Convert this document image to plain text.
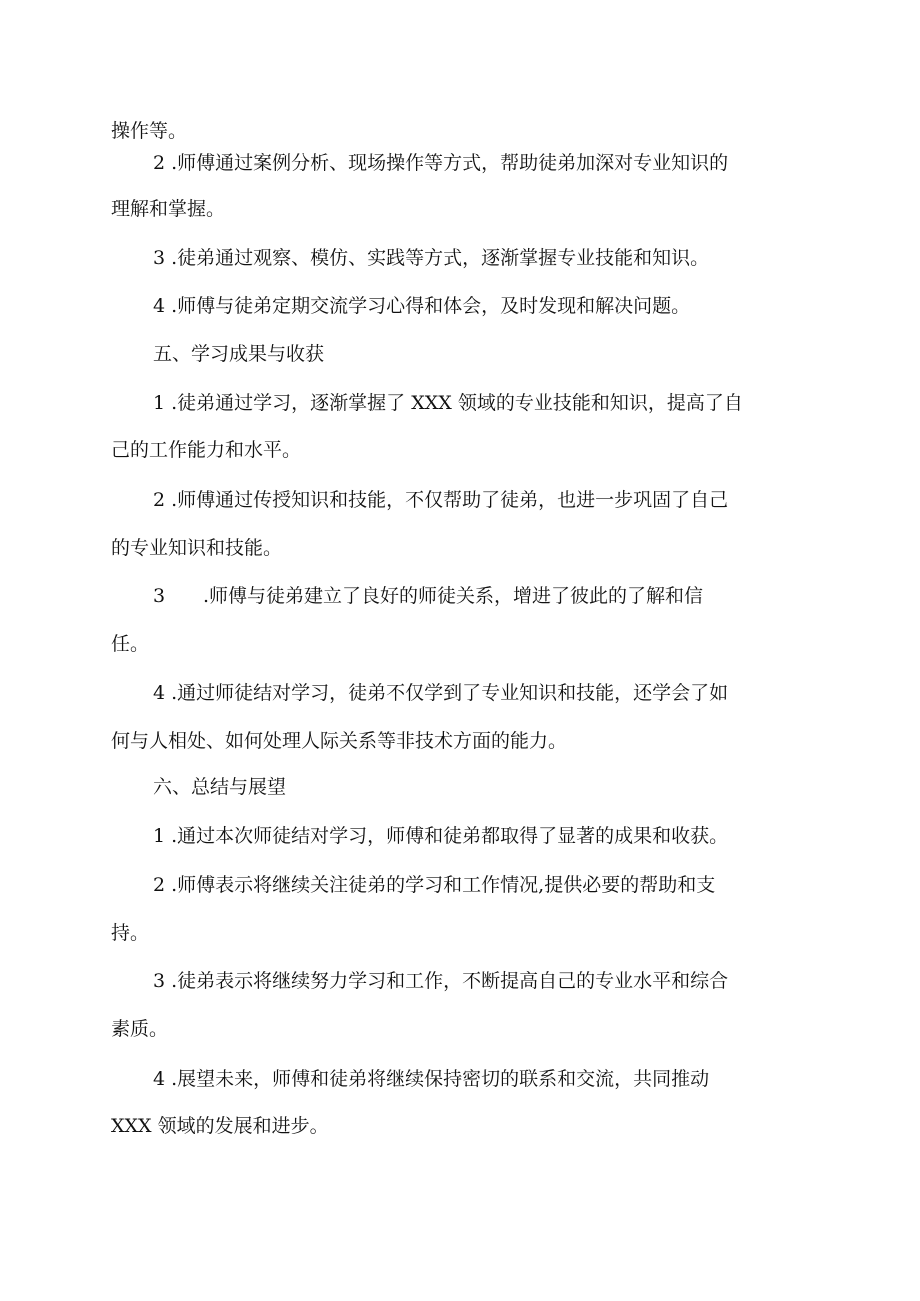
操作等。
2 .师傅通过案例分析、现场操作等方式，帮助徒弟加深对专业知识的
理解和掌握。
3 .徒弟通过观察、模仿、实践等方式，逐渐掌握专业技能和知识。
4 .师傅与徒弟定期交流学习心得和体会，及时发现和解决问题。
五、学习成果与收获
1 .徒弟通过学习，逐渐掌握了 XXX 领域的专业技能和知识，提高了自
己的工作能力和水平。
2 .师傅通过传授知识和技能，不仅帮助了徒弟，也进一步巩固了自己
的专业知识和技能。
3 .师傅与徒弟建立了良好的师徒关系，增进了彼此的了解和信
任。
4 .通过师徒结对学习，徒弟不仅学到了专业知识和技能，还学会了如
何与人相处、如何处理人际关系等非技术方面的能力。
六、总结与展望
1 .通过本次师徒结对学习，师傅和徒弟都取得了显著的成果和收获。
2 .师傅表示将继续关注徒弟的学习和工作情况,提供必要的帮助和支
持。
3 .徒弟表示将继续努力学习和工作，不断提高自己的专业水平和综合
素质。
4 .展望未来，师傅和徒弟将继续保持密切的联系和交流，共同推动
XXX 领域的发展和进步。
